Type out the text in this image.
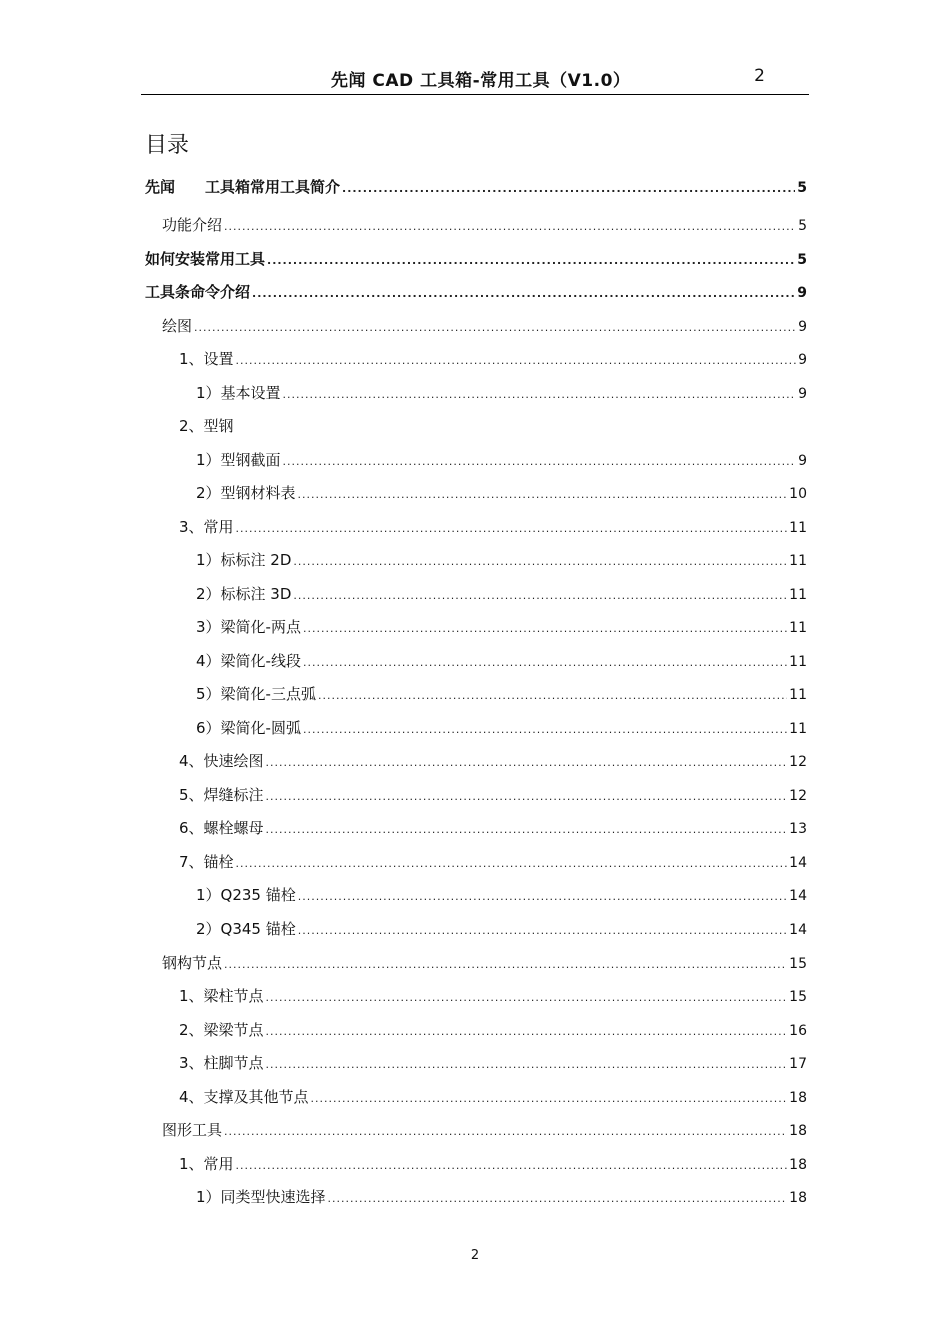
先闻 CAD 工具箱-常用工具（V1.0）	2
目录
先闻　　工具箱常用工具简介 .....	5
功能介绍 .....	5
如何安装常用工具 .....	5
工具条命令介绍 .....	9
绘图 .....	9
1、设置 .....	9
1）基本设置 .....	9
2、型钢
1）型钢截面 .....	9
2）型钢材料表 .....	10
3、常用 .....	11
1）标标注 2D .....	11
2）标标注 3D .....	11
3）梁简化-两点 .....	11
4）梁简化-线段 .....	11
5）梁简化-三点弧 .....	11
6）梁简化-圆弧 .....	11
4、快速绘图 .....	12
5、焊缝标注 .....	12
6、螺栓螺母 .....	13
7、锚栓 .....	14
1）Q235 锚栓 .....	14
2）Q345 锚栓 .....	14
钢构节点 .....	15
1、梁柱节点 .....	15
2、梁梁节点 .....	16
3、柱脚节点 .....	17
4、支撑及其他节点 .....	18
图形工具 .....	18
1、常用 .....	18
1）同类型快速选择 .....	18
2
